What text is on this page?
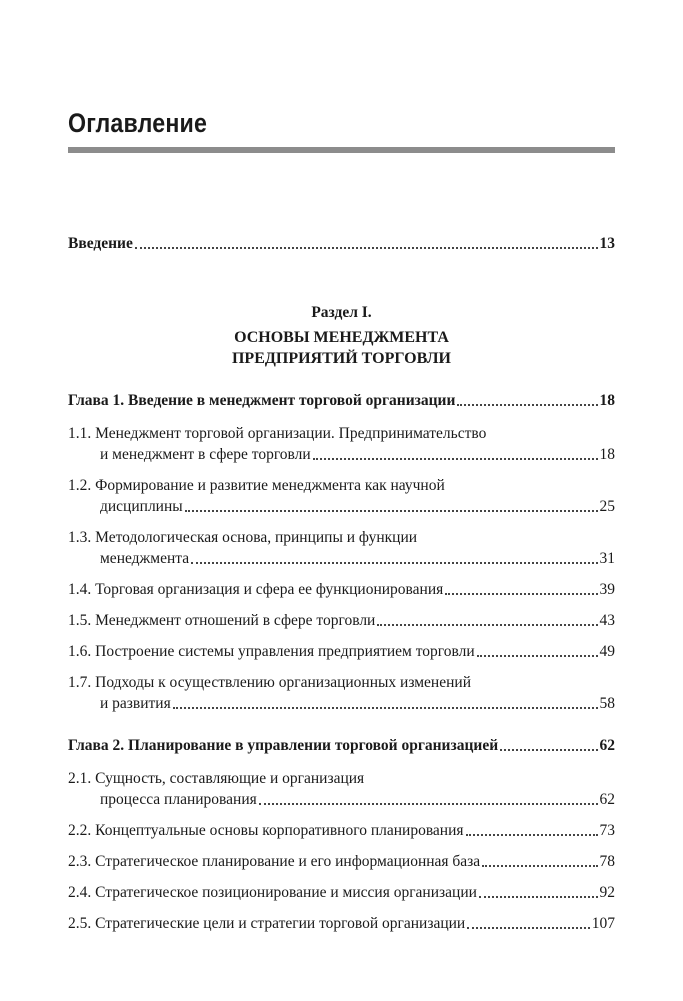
Оглавление
Введение	13
Раздел I.
ОСНОВЫ МЕНЕДЖМЕНТА
ПРЕДПРИЯТИЙ ТОРГОВЛИ
Глава 1. Введение в менеджмент торговой организации	18
1.1. Менеджмент торговой организации. Предпринимательство
и менеджмент в сфере торговли	18
1.2. Формирование и развитие менеджмента как научной
дисциплины	25
1.3. Методологическая основа, принципы и функции
менеджмента	31
1.4. Торговая организация и сфера ее функционирования	39
1.5. Менеджмент отношений в сфере торговли	43
1.6. Построение системы управления предприятием торговли	49
1.7. Подходы к осуществлению организационных изменений
и развития	58
Глава 2. Планирование в управлении торговой организацией	62
2.1. Сущность, составляющие и организация
процесса планирования	62
2.2. Концептуальные основы корпоративного планирования	73
2.3. Стратегическое планирование и его информационная база	78
2.4. Стратегическое позиционирование и миссия организации	92
2.5. Стратегические цели и стратегии торговой организации	107
